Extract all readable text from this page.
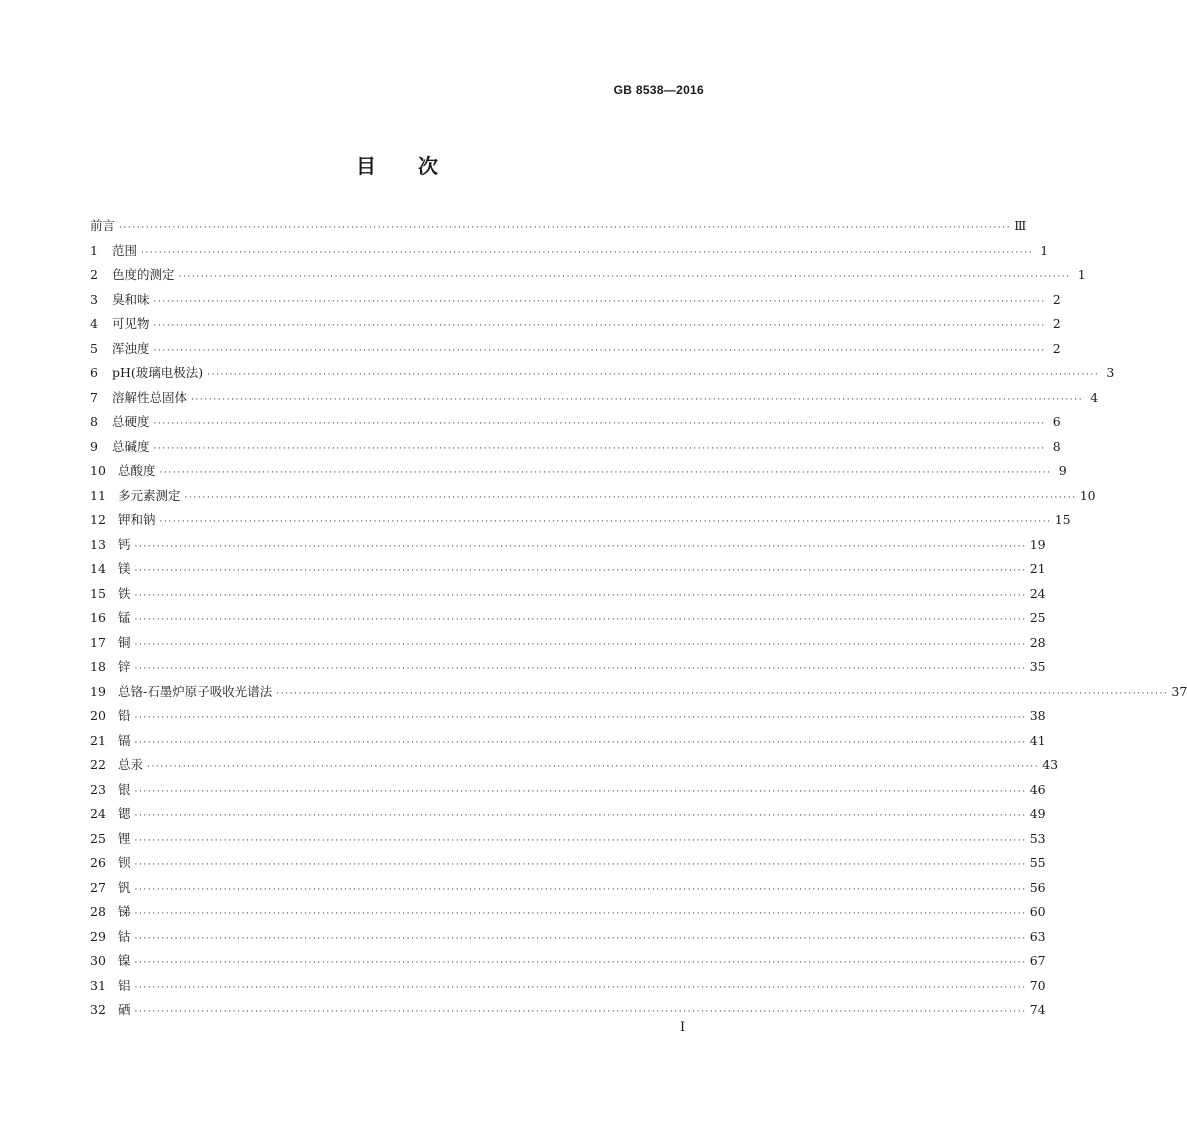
GB 8538—2016
目 次
前言 ········································································································································································································ Ⅲ
1	范围 ········································································································································································································ 1
2	色度的测定 ········································································································································································································ 1
3	臭和味 ········································································································································································································ 2
4	可见物 ········································································································································································································ 2
5	浑浊度 ········································································································································································································ 2
6	pH(玻璃电极法) ········································································································································································································ 3
7	溶解性总固体 ········································································································································································································ 4
8	总硬度 ········································································································································································································ 6
9	总碱度 ········································································································································································································ 8
10 总酸度 ········································································································································································································ 9
11 多元素测定 ········································································································································································································ 10
12 钾和钠 ········································································································································································································ 15
13 钙 ········································································································································································································ 19
14 镁 ········································································································································································································ 21
15 铁 ········································································································································································································ 24
16 锰 ········································································································································································································ 25
17 铜 ········································································································································································································ 28
18 锌 ········································································································································································································ 35
19 总铬-石墨炉原子吸收光谱法 ········································································································································································································ 37
20 铅 ········································································································································································································ 38
21 镉 ········································································································································································································ 41
22 总汞 ········································································································································································································ 43
23 银 ········································································································································································································ 46
24 锶 ········································································································································································································ 49
25 锂 ········································································································································································································ 53
26 钡 ········································································································································································································ 55
27 钒 ········································································································································································································ 56
28 锑 ········································································································································································································ 60
29 钴 ········································································································································································································ 63
30 镍 ········································································································································································································ 67
31 铝 ········································································································································································································ 70
32 硒 ········································································································································································································ 74
I
